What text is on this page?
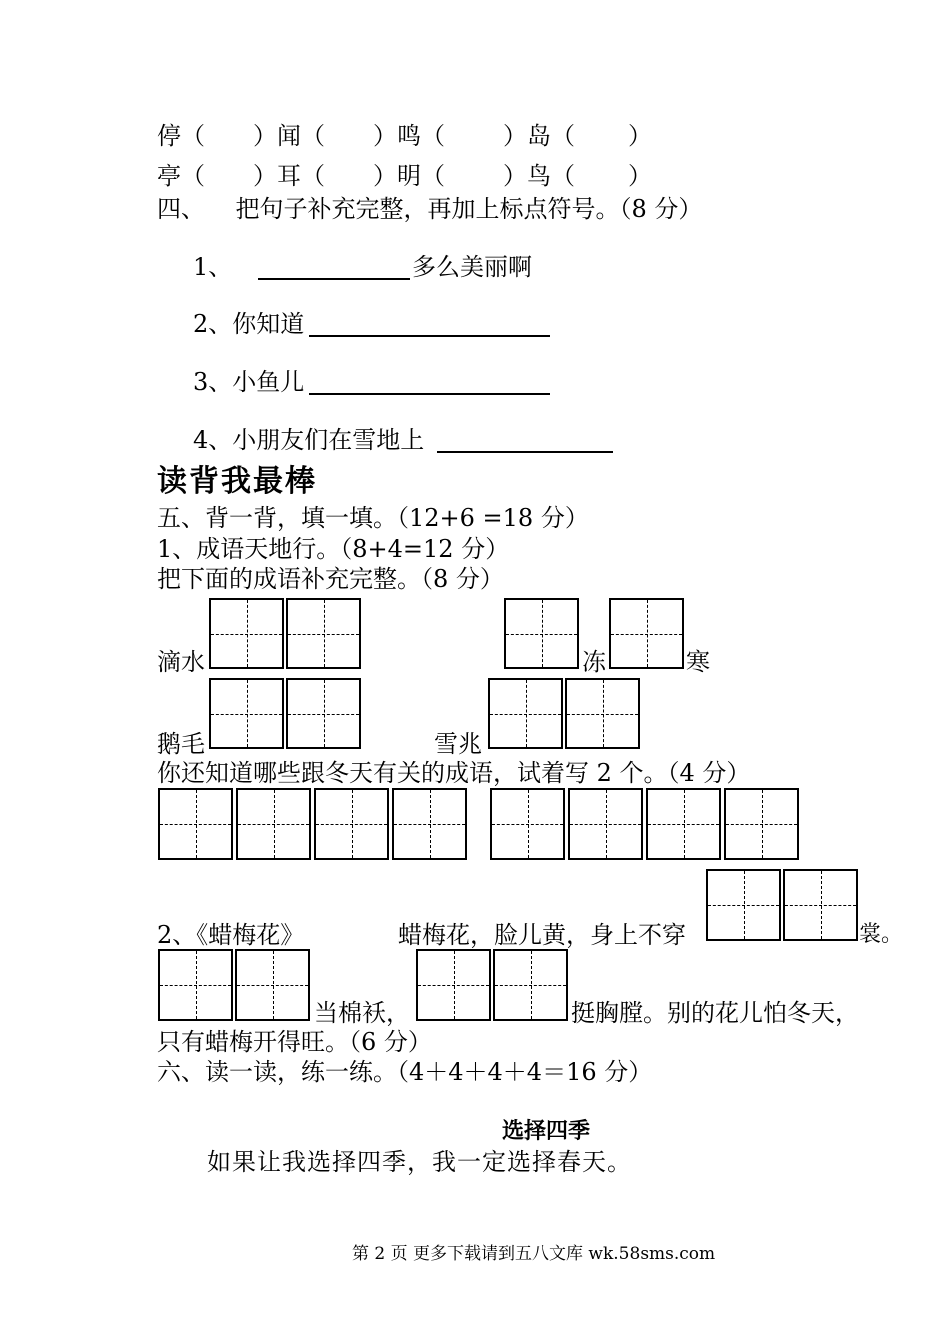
停（ ）闻（ ）鸣（ ）岛（ ）
亭（ ）耳（ ）明（ ）鸟（ ）
四、    把句子补充完整，再加上标点符号。（8 分）
1、	多么美丽啊
2、你知道
3、小鱼儿
4、小朋友们在雪地上
读背我最棒
五、背一背，填一填。（12+6 =18 分）
1、成语天地行。（8+4=12 分）
把下面的成语补充完整。（8 分）
滴水	冻	寒
鹅毛	雪兆
你还知道哪些跟冬天有关的成语，试着写 2 个。（4 分）
2、《蜡梅花》	蜡梅花，脸儿黄，身上不穿	裳。
当棉袄，	挺胸膛。别的花儿怕冬天，
只有蜡梅开得旺。（6 分）
六、读一读，练一练。（4＋4＋4＋4＝16 分）
选择四季
如果让我选择四季，我一定选择春天。
第 2 页 更多下载请到五八文库 wk.58sms.com
